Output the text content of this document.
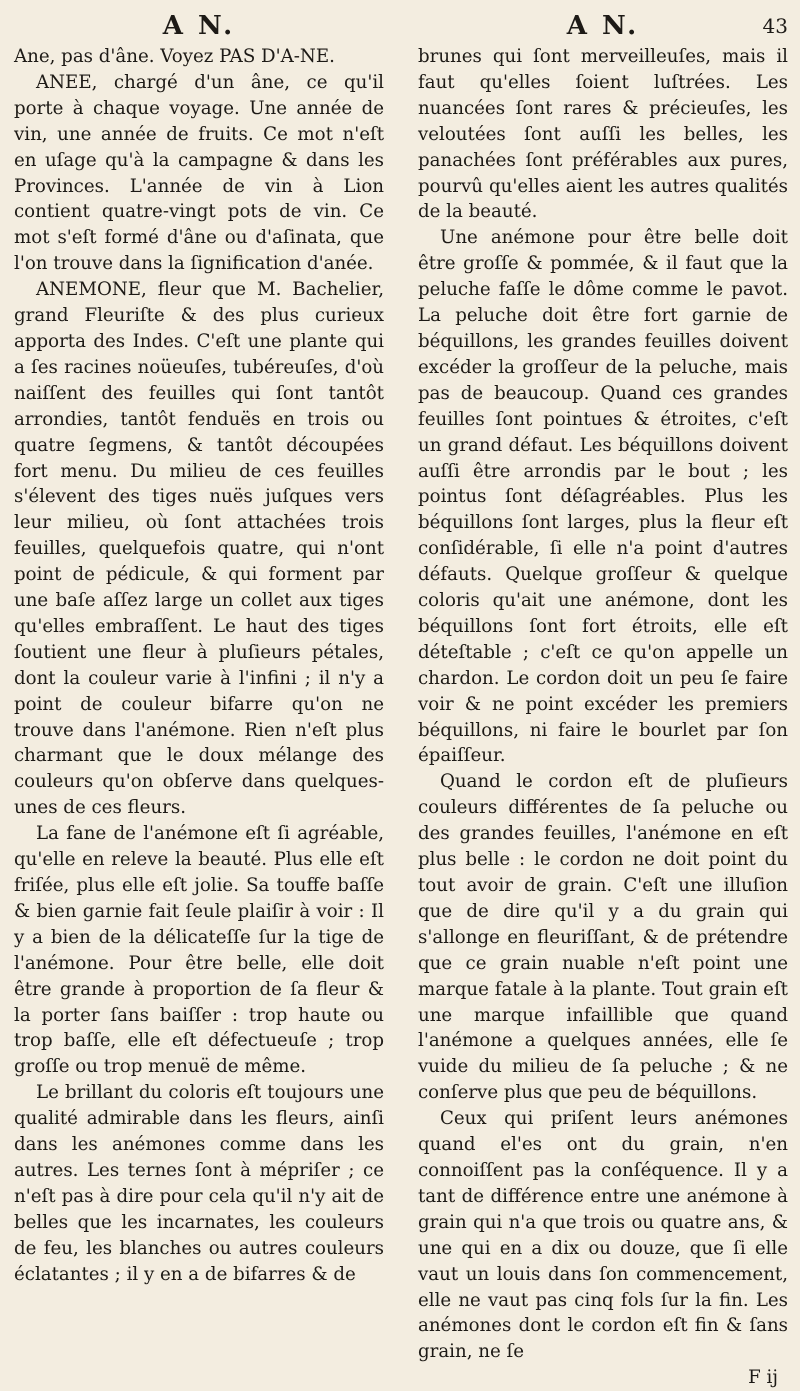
A N.

Ane, pas d'âne. Voyez PAS D'A-NE.

ANEE, chargé d'un âne, ce qu'il porte à chaque voyage. Une année de vin, une année de fruits. Ce mot n'eſt en uſage qu'à la campagne & dans les Provinces. L'année de vin à Lion contient quatre-vingt pots de vin. Ce mot s'eſt formé d'âne ou d'aſinata, que l'on trouve dans la ſignification d'anée.

ANEMONE, fleur que M. Bachelier, grand Fleuriſte & des plus curieux apporta des Indes. C'eſt une plante qui a ſes racines noüeuſes, tubéreuſes, d'où naiſſent des feuilles qui ſont tantôt arrondies, tantôt fenduës en trois ou quatre ſegmens, & tantôt découpées fort menu. Du milieu de ces feuilles s'élevent des tiges nuës juſques vers leur milieu, où ſont attachées trois feuilles, quelquefois quatre, qui n'ont point de pédicule, & qui forment par une baſe aſſez large un collet aux tiges qu'elles embraſſent. Le haut des tiges ſoutient une fleur à pluſieurs pétales, dont la couleur varie à l'infini ; il n'y a point de couleur bifarre qu'on ne trouve dans l'anémone. Rien n'eſt plus charmant que le doux mélange des couleurs qu'on obſerve dans quelques-unes de ces fleurs.

La fane de l'anémone eſt ſi agréable, qu'elle en releve la beauté. Plus elle eſt friſée, plus elle eſt jolie. Sa touffe baſſe & bien garnie fait ſeule plaiſir à voir : Il y a bien de la délicateſſe ſur la tige de l'anémone. Pour être belle, elle doit être grande à proportion de ſa fleur & la porter ſans baiſſer : trop haute ou trop baſſe, elle eſt défectueuſe ; trop groſſe ou trop menuë de même.

Le brillant du coloris eſt toujours une qualité admirable dans les fleurs, ainſi dans les anémones comme dans les autres. Les ternes ſont à mépriſer ; ce n'eſt pas à dire pour cela qu'il n'y ait de belles que les incarnates, les couleurs de feu, les blanches ou autres couleurs éclatantes ; il y en a de bifarres & de

A N.	43

brunes qui ſont merveilleuſes, mais il faut qu'elles ſoient luſtrées. Les nuancées ſont rares & précieuſes, les veloutées ſont auſſi les belles, les panachées ſont préférables aux pures, pourvû qu'elles aient les autres qualités de la beauté.

Une anémone pour être belle doit être groſſe & pommée, & il faut que la peluche faſſe le dôme comme le pavot. La peluche doit être fort garnie de béquillons, les grandes feuilles doivent excéder la groſſeur de la peluche, mais pas de beaucoup. Quand ces grandes feuilles ſont pointues & étroites, c'eſt un grand défaut. Les béquillons doivent auſſi être arrondis par le bout ; les pointus ſont déſagréables. Plus les béquillons ſont larges, plus la fleur eſt conſidérable, ſi elle n'a point d'autres défauts. Quelque groſſeur & quelque coloris qu'ait une anémone, dont les béquillons ſont fort étroits, elle eſt déteſtable ; c'eſt ce qu'on appelle un chardon. Le cordon doit un peu ſe faire voir & ne point excéder les premiers béquillons, ni faire le bourlet par ſon épaiſſeur.

Quand le cordon eſt de pluſieurs couleurs différentes de ſa peluche ou des grandes feuilles, l'anémone en eſt plus belle : le cordon ne doit point du tout avoir de grain. C'eſt une illuſion que de dire qu'il y a du grain qui s'allonge en fleuriſſant, & de prétendre que ce grain nuable n'eſt point une marque fatale à la plante. Tout grain eſt une marque infaillible que quand l'anémone a quelques années, elle ſe vuide du milieu de ſa peluche ; & ne conſerve plus que peu de béquillons.

Ceux qui priſent leurs anémones quand el'es ont du grain, n'en connoiſſent pas la conſéquence. Il y a tant de différence entre une anémone à grain qui n'a que trois ou quatre ans, & une qui en a dix ou douze, que ſi elle vaut un louis dans ſon commencement, elle ne vaut pas cinq fols ſur la fin. Les anémones dont le cordon eſt fin & ſans grain, ne ſe

F ij
